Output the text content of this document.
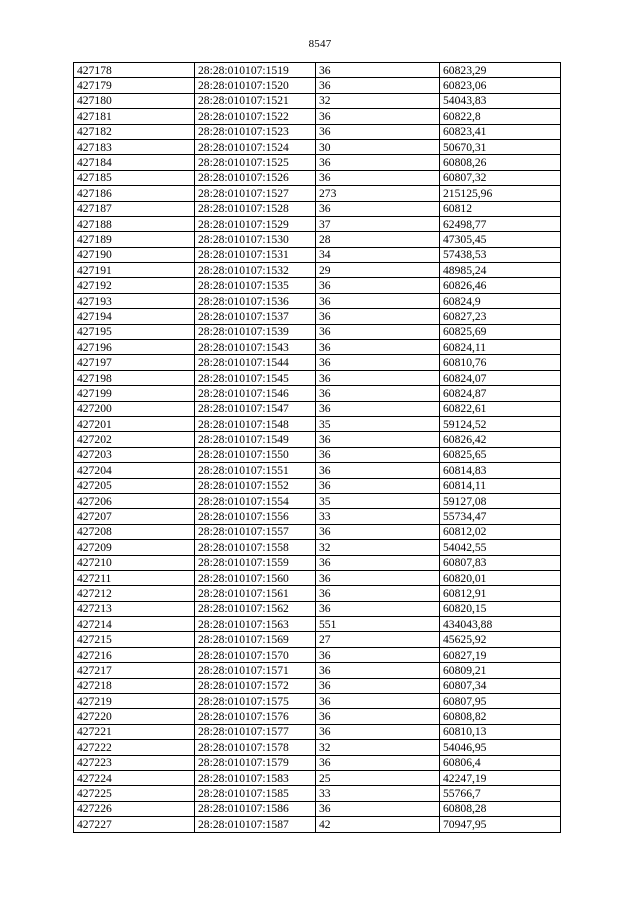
8547
427178	28:28:010107:1519	36	60823,29
427179	28:28:010107:1520	36	60823,06
427180	28:28:010107:1521	32	54043,83
427181	28:28:010107:1522	36	60822,8
427182	28:28:010107:1523	36	60823,41
427183	28:28:010107:1524	30	50670,31
427184	28:28:010107:1525	36	60808,26
427185	28:28:010107:1526	36	60807,32
427186	28:28:010107:1527	273	215125,96
427187	28:28:010107:1528	36	60812
427188	28:28:010107:1529	37	62498,77
427189	28:28:010107:1530	28	47305,45
427190	28:28:010107:1531	34	57438,53
427191	28:28:010107:1532	29	48985,24
427192	28:28:010107:1535	36	60826,46
427193	28:28:010107:1536	36	60824,9
427194	28:28:010107:1537	36	60827,23
427195	28:28:010107:1539	36	60825,69
427196	28:28:010107:1543	36	60824,11
427197	28:28:010107:1544	36	60810,76
427198	28:28:010107:1545	36	60824,07
427199	28:28:010107:1546	36	60824,87
427200	28:28:010107:1547	36	60822,61
427201	28:28:010107:1548	35	59124,52
427202	28:28:010107:1549	36	60826,42
427203	28:28:010107:1550	36	60825,65
427204	28:28:010107:1551	36	60814,83
427205	28:28:010107:1552	36	60814,11
427206	28:28:010107:1554	35	59127,08
427207	28:28:010107:1556	33	55734,47
427208	28:28:010107:1557	36	60812,02
427209	28:28:010107:1558	32	54042,55
427210	28:28:010107:1559	36	60807,83
427211	28:28:010107:1560	36	60820,01
427212	28:28:010107:1561	36	60812,91
427213	28:28:010107:1562	36	60820,15
427214	28:28:010107:1563	551	434043,88
427215	28:28:010107:1569	27	45625,92
427216	28:28:010107:1570	36	60827,19
427217	28:28:010107:1571	36	60809,21
427218	28:28:010107:1572	36	60807,34
427219	28:28:010107:1575	36	60807,95
427220	28:28:010107:1576	36	60808,82
427221	28:28:010107:1577	36	60810,13
427222	28:28:010107:1578	32	54046,95
427223	28:28:010107:1579	36	60806,4
427224	28:28:010107:1583	25	42247,19
427225	28:28:010107:1585	33	55766,7
427226	28:28:010107:1586	36	60808,28
427227	28:28:010107:1587	42	70947,95
